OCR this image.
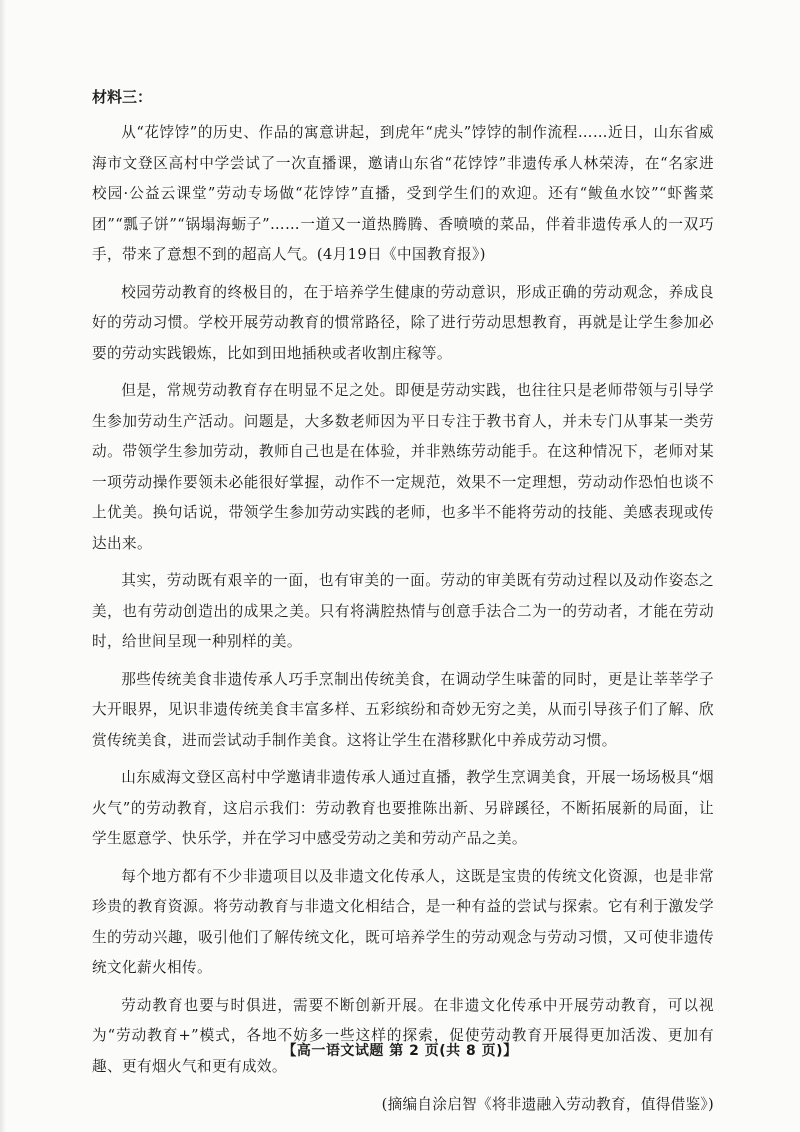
材料三：

从“花饽饽”的历史、作品的寓意讲起，到虎年“虎头”饽饽的制作流程……近日，山东省威海市文登区高村中学尝试了一次直播课，邀请山东省“花饽饽”非遗传承人林荣涛，在“名家进校园·公益云课堂”劳动专场做“花饽饽”直播，受到学生们的欢迎。还有“鲅鱼水饺”“虾酱菜团”“瓢子饼”“锅塌海蛎子”……一道又一道热腾腾、香喷喷的菜品，伴着非遗传承人的一双巧手，带来了意想不到的超高人气。(4月19日《中国教育报》)

校园劳动教育的终极目的，在于培养学生健康的劳动意识，形成正确的劳动观念，养成良好的劳动习惯。学校开展劳动教育的惯常路径，除了进行劳动思想教育，再就是让学生参加必要的劳动实践锻炼，比如到田地插秧或者收割庄稼等。

但是，常规劳动教育存在明显不足之处。即便是劳动实践，也往往只是老师带领与引导学生参加劳动生产活动。问题是，大多数老师因为平日专注于教书育人，并未专门从事某一类劳动。带领学生参加劳动，教师自己也是在体验，并非熟练劳动能手。在这种情况下，老师对某一项劳动操作要领未必能很好掌握，动作不一定规范，效果不一定理想，劳动动作恐怕也谈不上优美。换句话说，带领学生参加劳动实践的老师，也多半不能将劳动的技能、美感表现或传达出来。

其实，劳动既有艰辛的一面，也有审美的一面。劳动的审美既有劳动过程以及动作姿态之美，也有劳动创造出的成果之美。只有将满腔热情与创意手法合二为一的劳动者，才能在劳动时，给世间呈现一种别样的美。

那些传统美食非遗传承人巧手烹制出传统美食，在调动学生味蕾的同时，更是让莘莘学子大开眼界，见识非遗传统美食丰富多样、五彩缤纷和奇妙无穷之美，从而引导孩子们了解、欣赏传统美食，进而尝试动手制作美食。这将让学生在潜移默化中养成劳动习惯。

山东威海文登区高村中学邀请非遗传承人通过直播，教学生烹调美食，开展一场场极具“烟火气”的劳动教育，这启示我们：劳动教育也要推陈出新、另辟蹊径，不断拓展新的局面，让学生愿意学、快乐学，并在学习中感受劳动之美和劳动产品之美。

每个地方都有不少非遗项目以及非遗文化传承人，这既是宝贵的传统文化资源，也是非常珍贵的教育资源。将劳动教育与非遗文化相结合，是一种有益的尝试与探索。它有利于激发学生的劳动兴趣，吸引他们了解传统文化，既可培养学生的劳动观念与劳动习惯，又可使非遗传统文化薪火相传。

劳动教育也要与时俱进，需要不断创新开展。在非遗文化传承中开展劳动教育，可以视为“劳动教育+”模式，各地不妨多一些这样的探索，促使劳动教育开展得更加活泼、更加有趣、更有烟火气和更有成效。

(摘编自涂启智《将非遗融入劳动教育，值得借鉴》)
【高一语文试题 第 2 页(共 8 页)】
